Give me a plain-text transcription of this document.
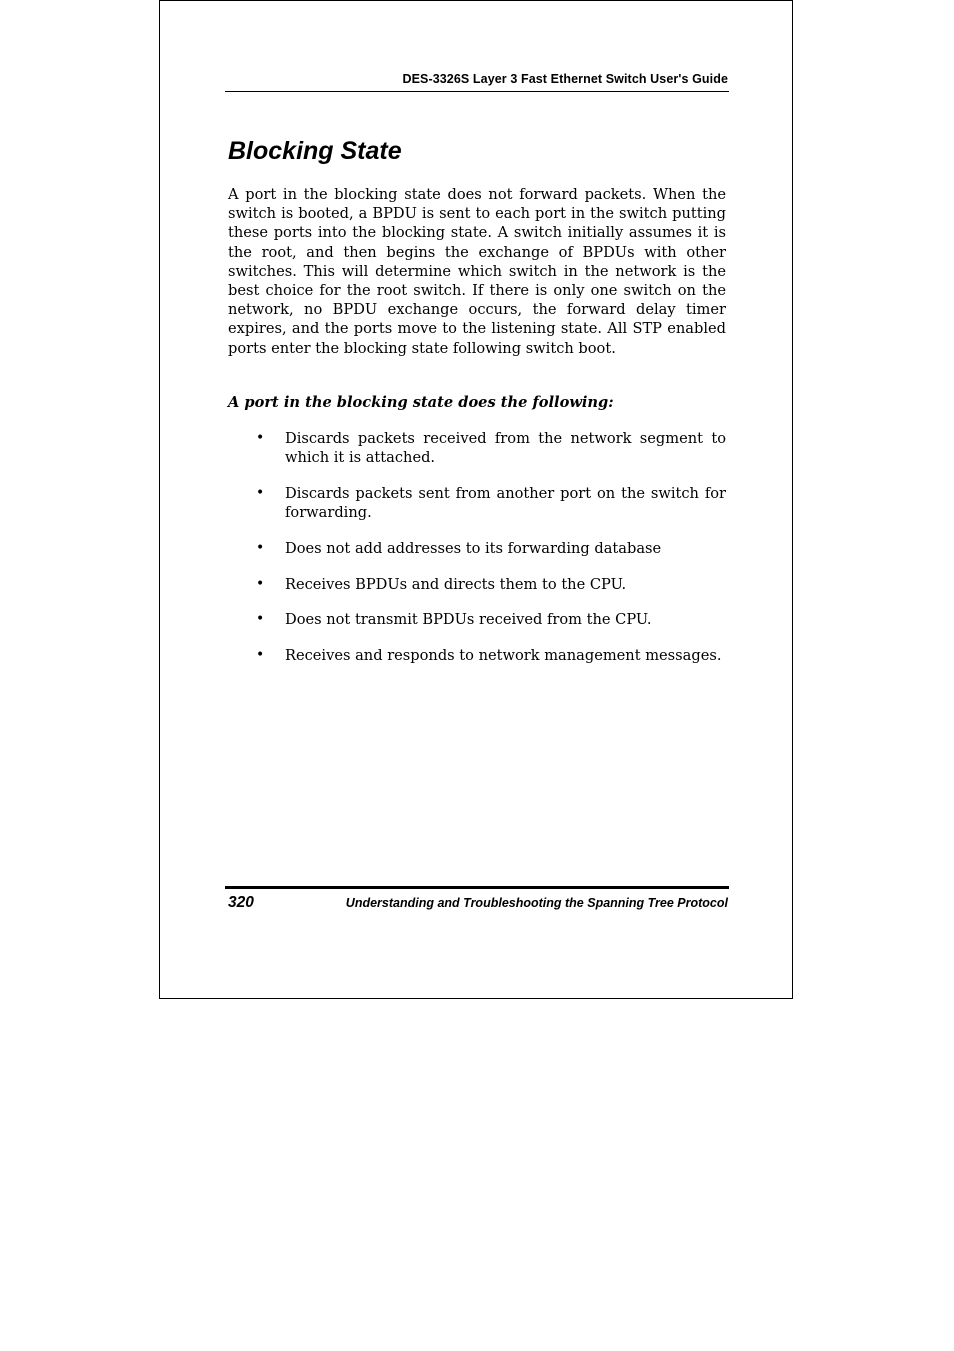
DES-3326S Layer 3 Fast Ethernet Switch User's Guide
Blocking State

A port in the blocking state does not forward packets. When the switch is booted, a BPDU is sent to each port in the switch putting these ports into the blocking state. A switch initially assumes it is the root, and then begins the exchange of BPDUs with other switches. This will determine which switch in the network is the best choice for the root switch. If there is only one switch on the network, no BPDU exchange occurs, the forward delay timer expires, and the ports move to the listening state. All STP enabled ports enter the blocking state following switch boot.

A port in the blocking state does the following:

• Discards packets received from the network segment to which it is attached.
• Discards packets sent from another port on the switch for forwarding.
• Does not add addresses to its forwarding database
• Receives BPDUs and directs them to the CPU.
• Does not transmit BPDUs received from the CPU.
• Receives and responds to network management messages.
320	Understanding and Troubleshooting the Spanning Tree Protocol
